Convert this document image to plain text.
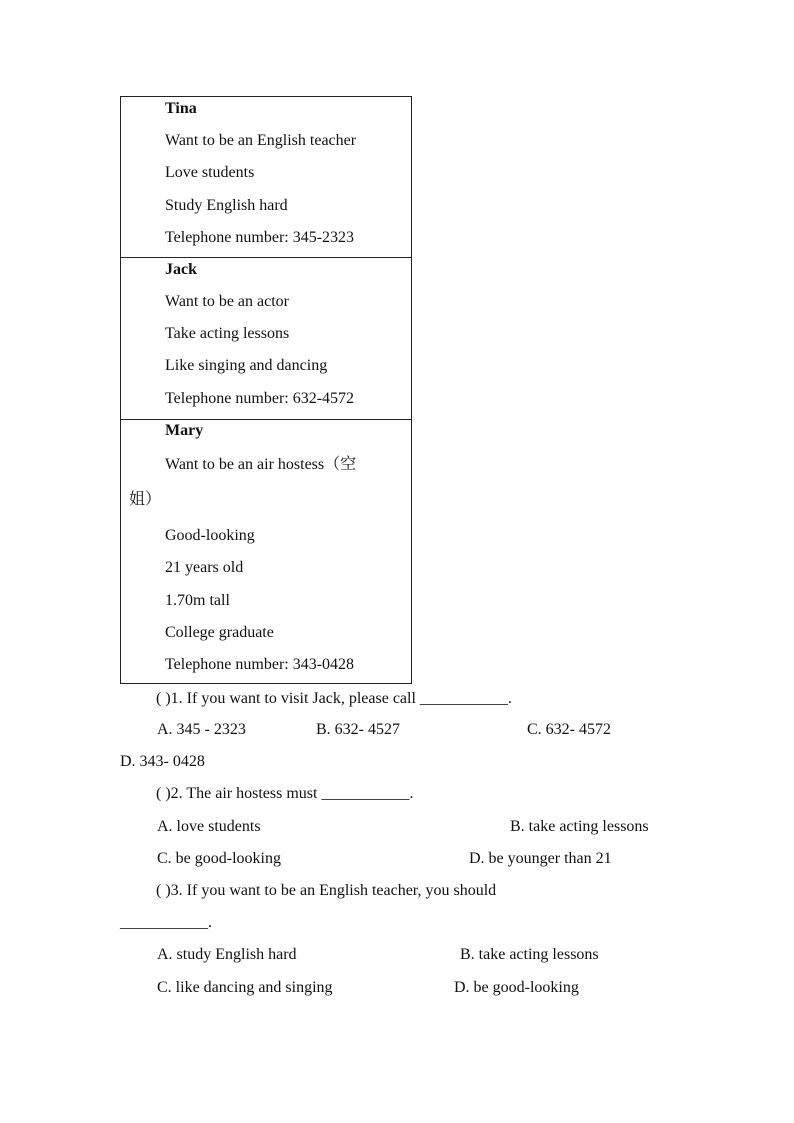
Tina
Want to be an English teacher
Love students
Study English hard
Telephone number: 345-2323
Jack
Want to be an actor
Take acting lessons
Like singing and dancing
Telephone number: 632-4572
Mary
Want to be an air hostess（空
姐）
Good-looking
21 years old
1.70m tall
College graduate
Telephone number: 343-0428
( )1. If you want to visit Jack, please call ___________.
A. 345 - 2323	B. 632- 4527	C. 632- 4572
D. 343- 0428
( )2. The air hostess must ___________.
A. love students	B. take acting lessons
C. be good-looking	D. be younger than 21
( )3. If you want to be an English teacher, you should
___________.
A. study English hard	B. take acting lessons
C. like dancing and singing	D. be good-looking
